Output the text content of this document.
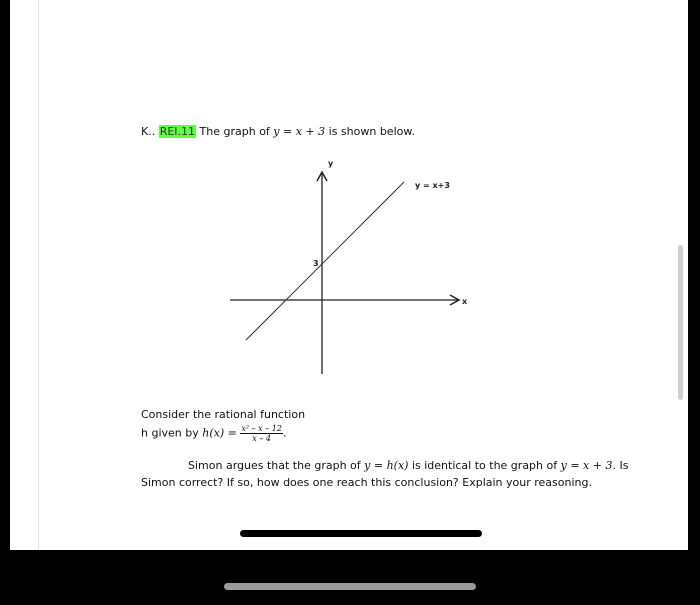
K.. REI.11 The graph of y = x + 3 is shown below.
y
x
y = x+3
3
Consider the rational function
h given by $h(x) = \frac{\text{x² – x – 12}}{x - 4}$ .
Simon argues that the graph of y = h(x) is identical to the graph of y = x + 3. Is
Simon correct? If so, how does one reach this conclusion? Explain your reasoning.
